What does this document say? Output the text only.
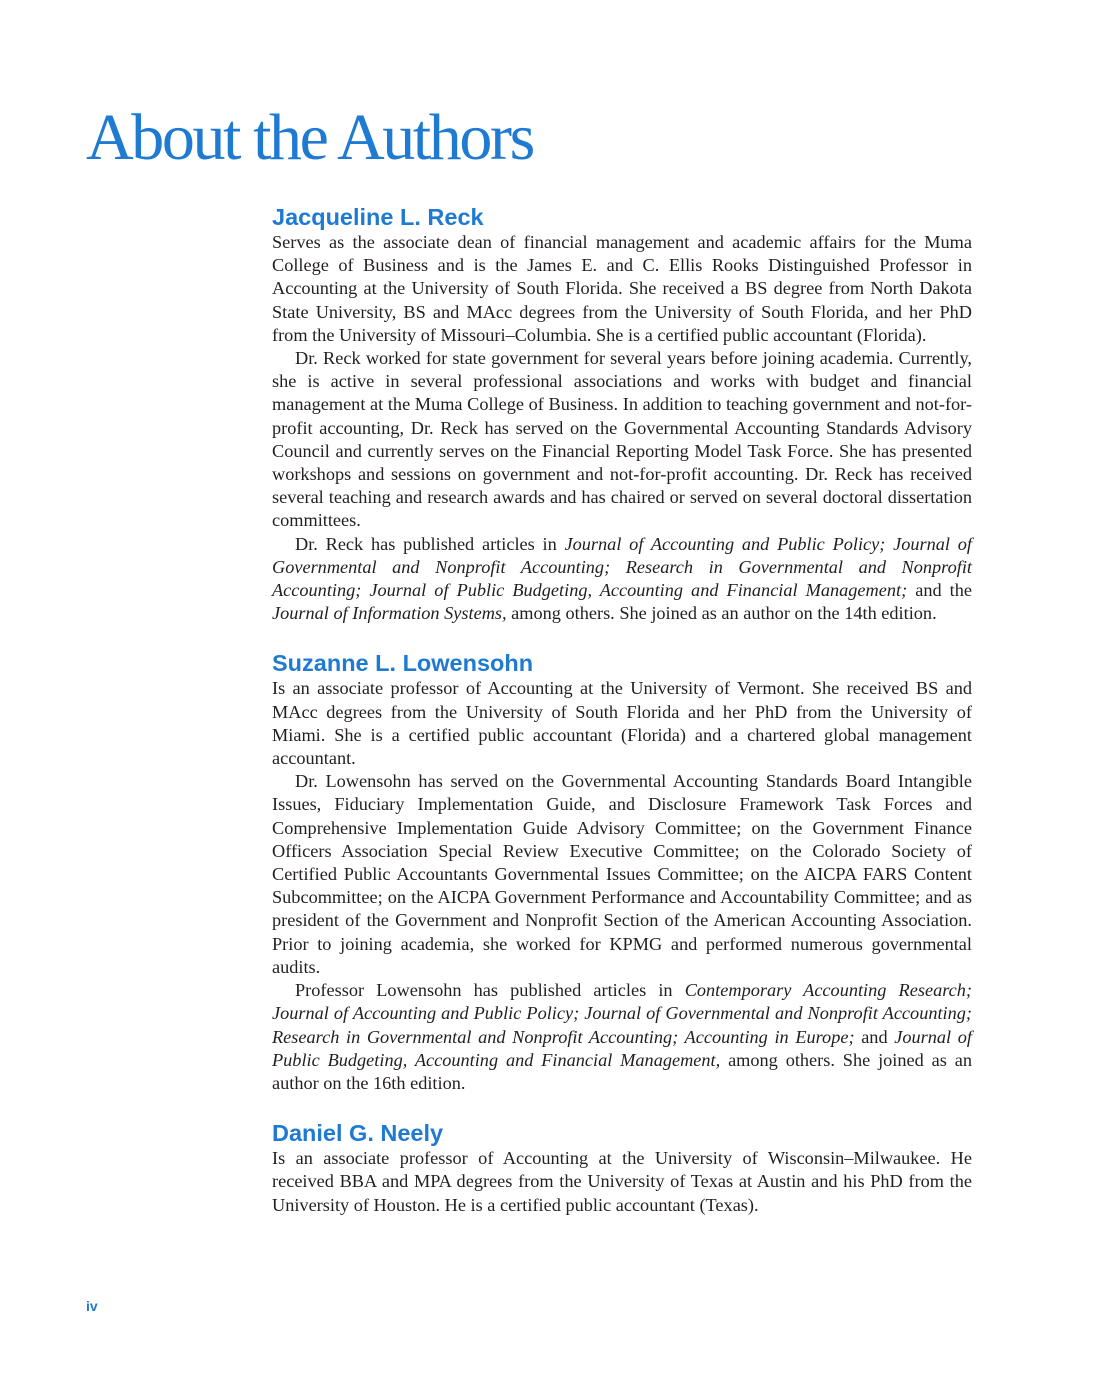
About the Authors
Jacqueline L. Reck

Serves as the associate dean of financial management and academic affairs for the Muma College of Business and is the James E. and C. Ellis Rooks Distinguished Professor in Accounting at the University of South Florida. She received a BS degree from North Dakota State University, BS and MAcc degrees from the University of South Florida, and her PhD from the University of Missouri–Columbia. She is a certified public accountant (Florida).

Dr. Reck worked for state government for several years before joining academia. Currently, she is active in several professional associations and works with budget and financial management at the Muma College of Business. In addition to teaching government and not-for-profit accounting, Dr. Reck has served on the Governmental Accounting Standards Advisory Council and currently serves on the Financial Reporting Model Task Force. She has presented workshops and sessions on government and not-for-profit accounting. Dr. Reck has received several teaching and research awards and has chaired or served on several doctoral dissertation committees.

Dr. Reck has published articles in Journal of Accounting and Public Policy; Journal of Governmental and Nonprofit Accounting; Research in Governmental and Nonprofit Accounting; Journal of Public Budgeting, Accounting and Financial Management; and the Journal of Information Systems, among others. She joined as an author on the 14th edition.

Suzanne L. Lowensohn

Is an associate professor of Accounting at the University of Vermont. She received BS and MAcc degrees from the University of South Florida and her PhD from the University of Miami. She is a certified public accountant (Florida) and a chartered global management accountant.

Dr. Lowensohn has served on the Governmental Accounting Standards Board Intangible Issues, Fiduciary Implementation Guide, and Disclosure Framework Task Forces and Comprehensive Implementation Guide Advisory Committee; on the Government Finance Officers Association Special Review Executive Committee; on the Colorado Society of Certified Public Accountants Governmental Issues Committee; on the AICPA FARS Content Subcommittee; on the AICPA Government Performance and Accountability Committee; and as president of the Government and Nonprofit Section of the American Accounting Association. Prior to joining academia, she worked for KPMG and performed numerous governmental audits.

Professor Lowensohn has published articles in Contemporary Accounting Research; Journal of Accounting and Public Policy; Journal of Governmental and Nonprofit Accounting; Research in Governmental and Nonprofit Accounting; Accounting in Europe; and Journal of Public Budgeting, Accounting and Financial Management, among others. She joined as an author on the 16th edition.

Daniel G. Neely

Is an associate professor of Accounting at the University of Wisconsin–Milwaukee. He received BBA and MPA degrees from the University of Texas at Austin and his PhD from the University of Houston. He is a certified public accountant (Texas).

iv
